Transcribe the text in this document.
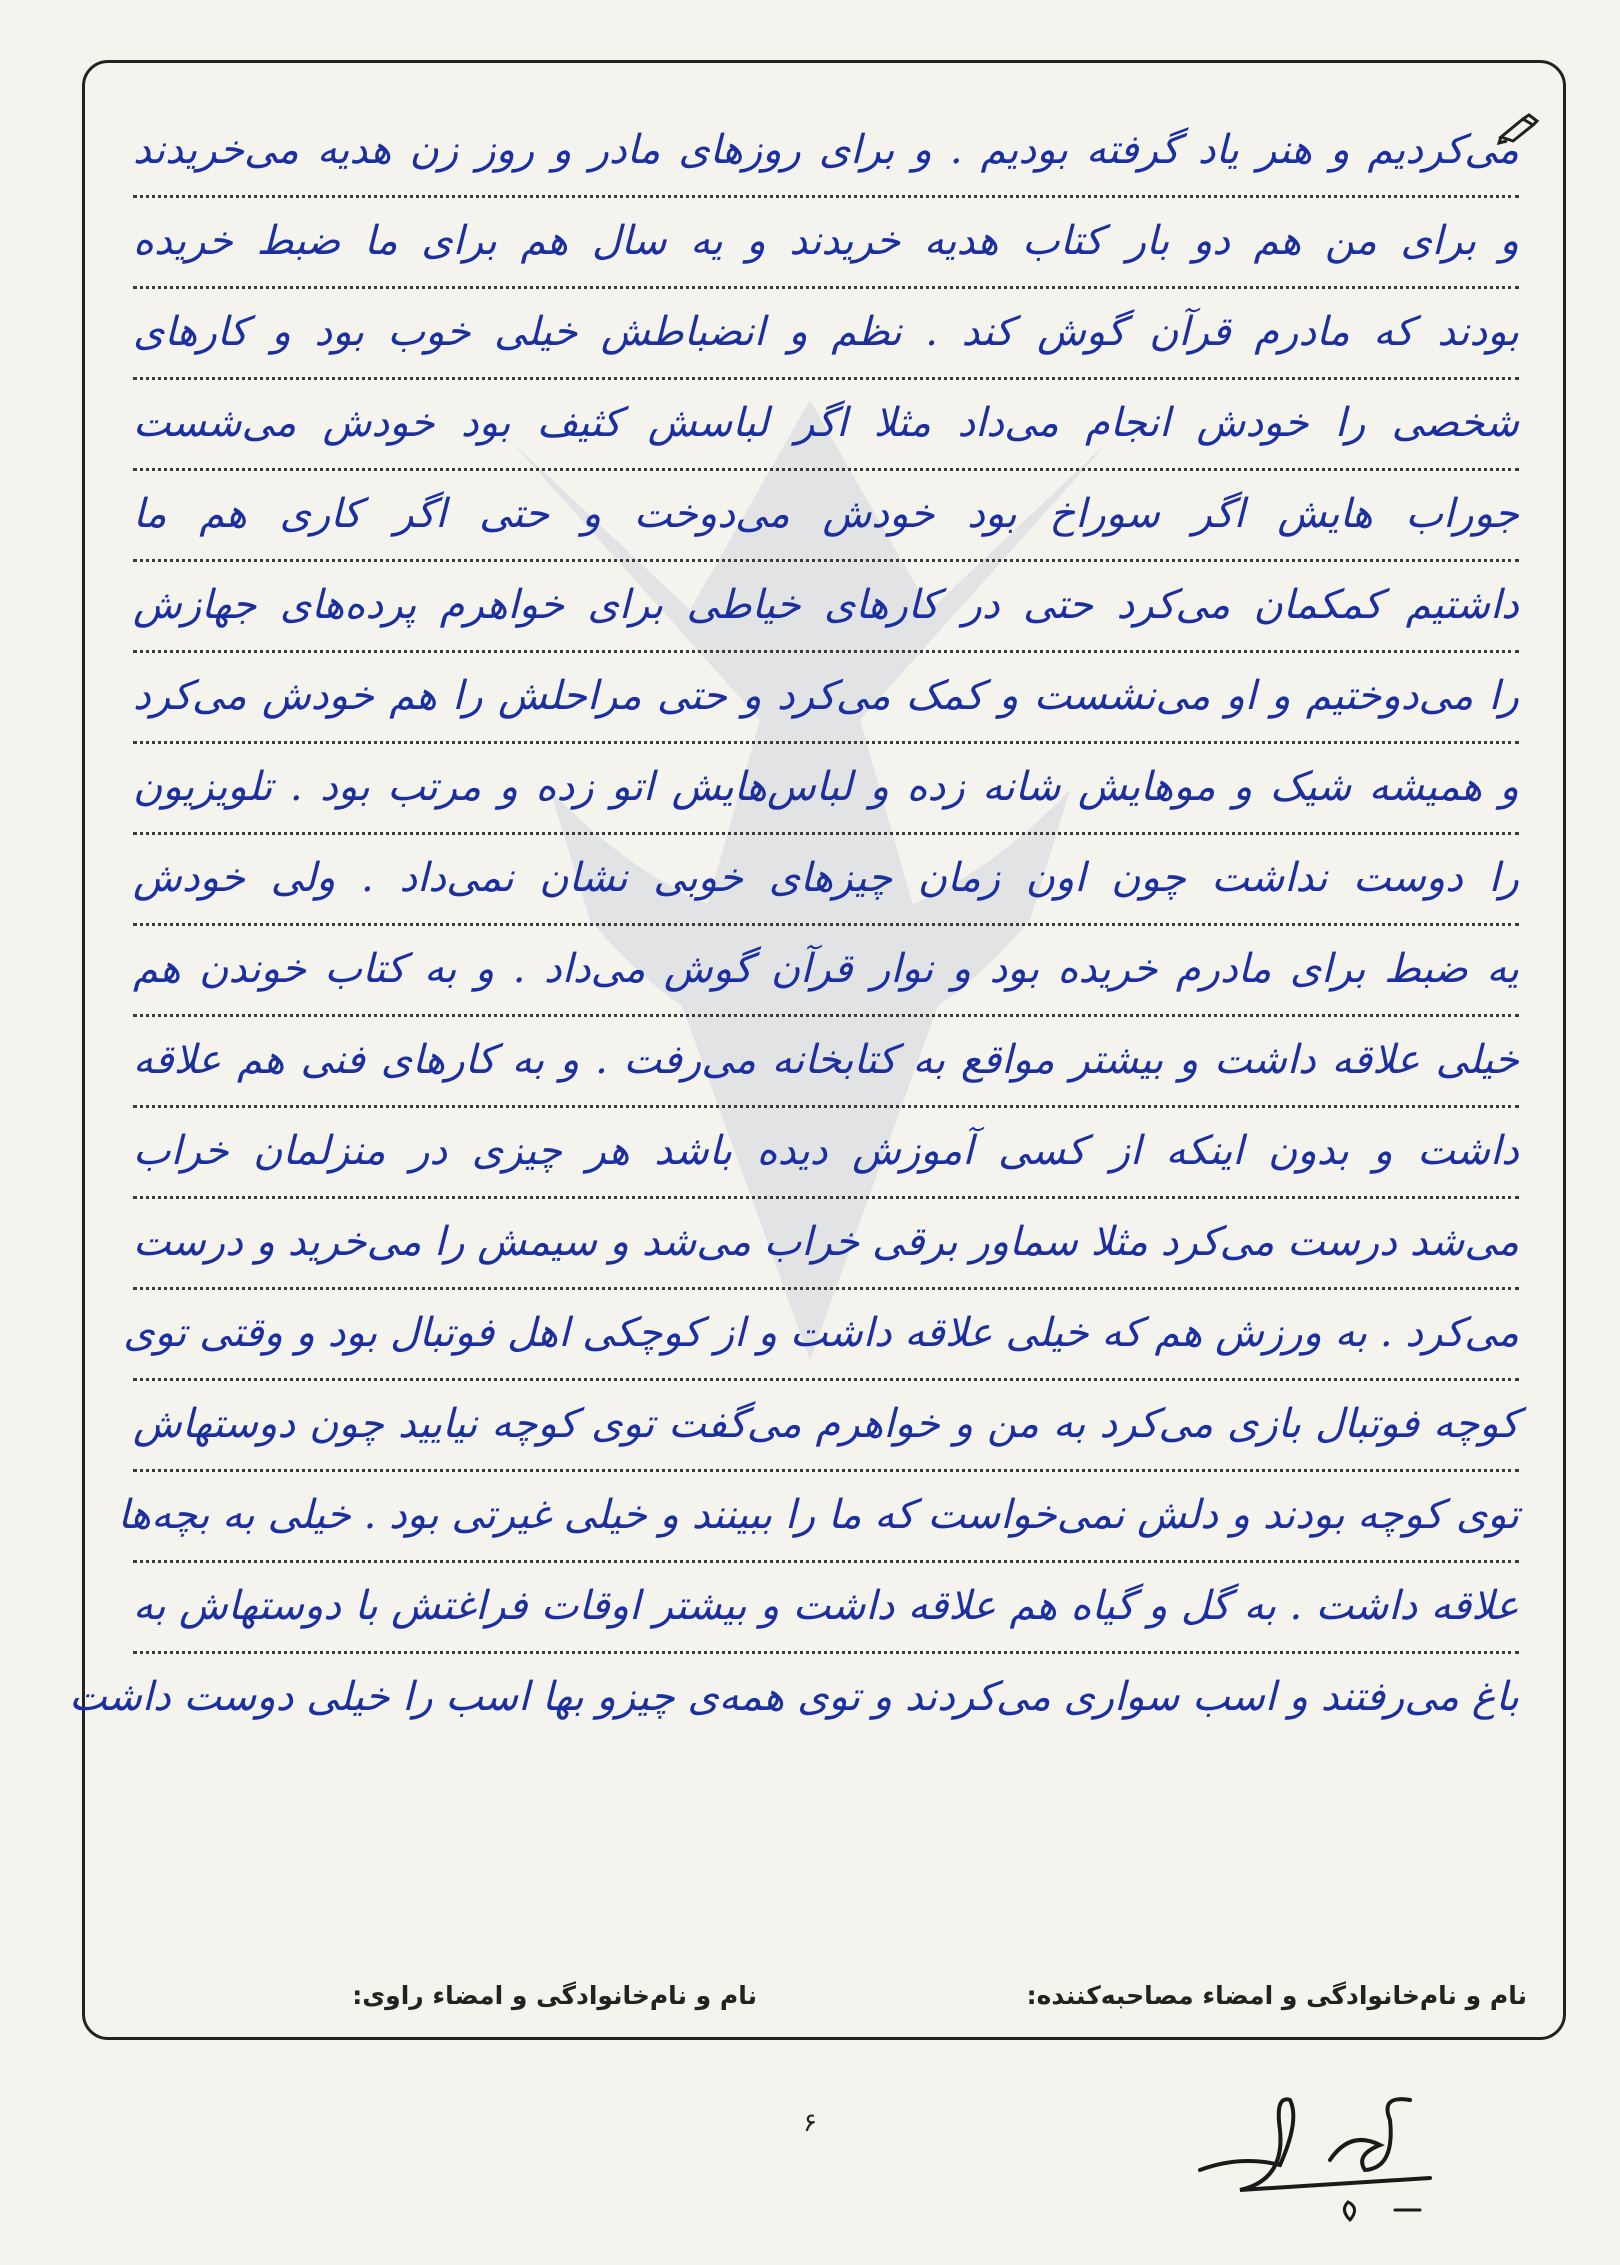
می‌کردیم و هنر یاد گرفته بودیم . و برای روزهای مادر و روز زن هدیه می‌خریدند
و برای من هم دو بار کتاب هدیه خریدند و یه سال هم برای ما ضبط خریده
بودند که مادرم قرآن گوش کند . نظم و انضباطش خیلی خوب بود و کارهای
شخصی را خودش انجام می‌داد مثلا اگر لباسش کثیف بود خودش می‌شست
جوراب هایش اگر سوراخ بود خودش می‌دوخت و حتی اگر کاری هم ما
داشتیم کمکمان می‌کرد حتی در کارهای خیاطی برای خواهرم پرده‌های جهازش
را می‌دوختیم و او می‌نشست و کمک می‌کرد و حتی مراحلش را هم خودش می‌کرد
و همیشه شیک و موهایش شانه زده و لباس‌هایش اتو زده و مرتب بود . تلویزیون
را دوست نداشت چون اون زمان چیزهای خوبی نشان نمی‌داد . ولی خودش
یه ضبط برای مادرم خریده بود و نوار قرآن گوش می‌داد . و به کتاب خوندن هم
خیلی علاقه داشت و بیشتر مواقع به کتابخانه می‌رفت . و به کارهای فنی هم علاقه
داشت و بدون اینکه از کسی آموزش دیده باشد هر چیزی در منزلمان خراب
می‌شد درست می‌کرد مثلا سماور برقی خراب می‌شد و سیمش را می‌خرید و درست
می‌کرد . به ورزش هم که خیلی علاقه داشت و از کوچکی اهل فوتبال بود و وقتی توی
کوچه فوتبال بازی می‌کرد به من و خواهرم می‌گفت توی کوچه نیایید چون دوستهاش
توی کوچه بودند و دلش نمی‌خواست که ما را ببینند و خیلی غیرتی بود . خیلی به بچه‌ها
علاقه داشت . به گل و گیاه هم علاقه داشت و بیشتر اوقات فراغتش با دوستهاش به
باغ می‌رفتند و اسب سواری می‌کردند و توی همه‌ی چیزو بها اسب را خیلی دوست داشت
نام و نام‌خانوادگی و امضاء مصاحبه‌کننده:
نام و نام‌خانوادگی و امضاء راوی:
۶
